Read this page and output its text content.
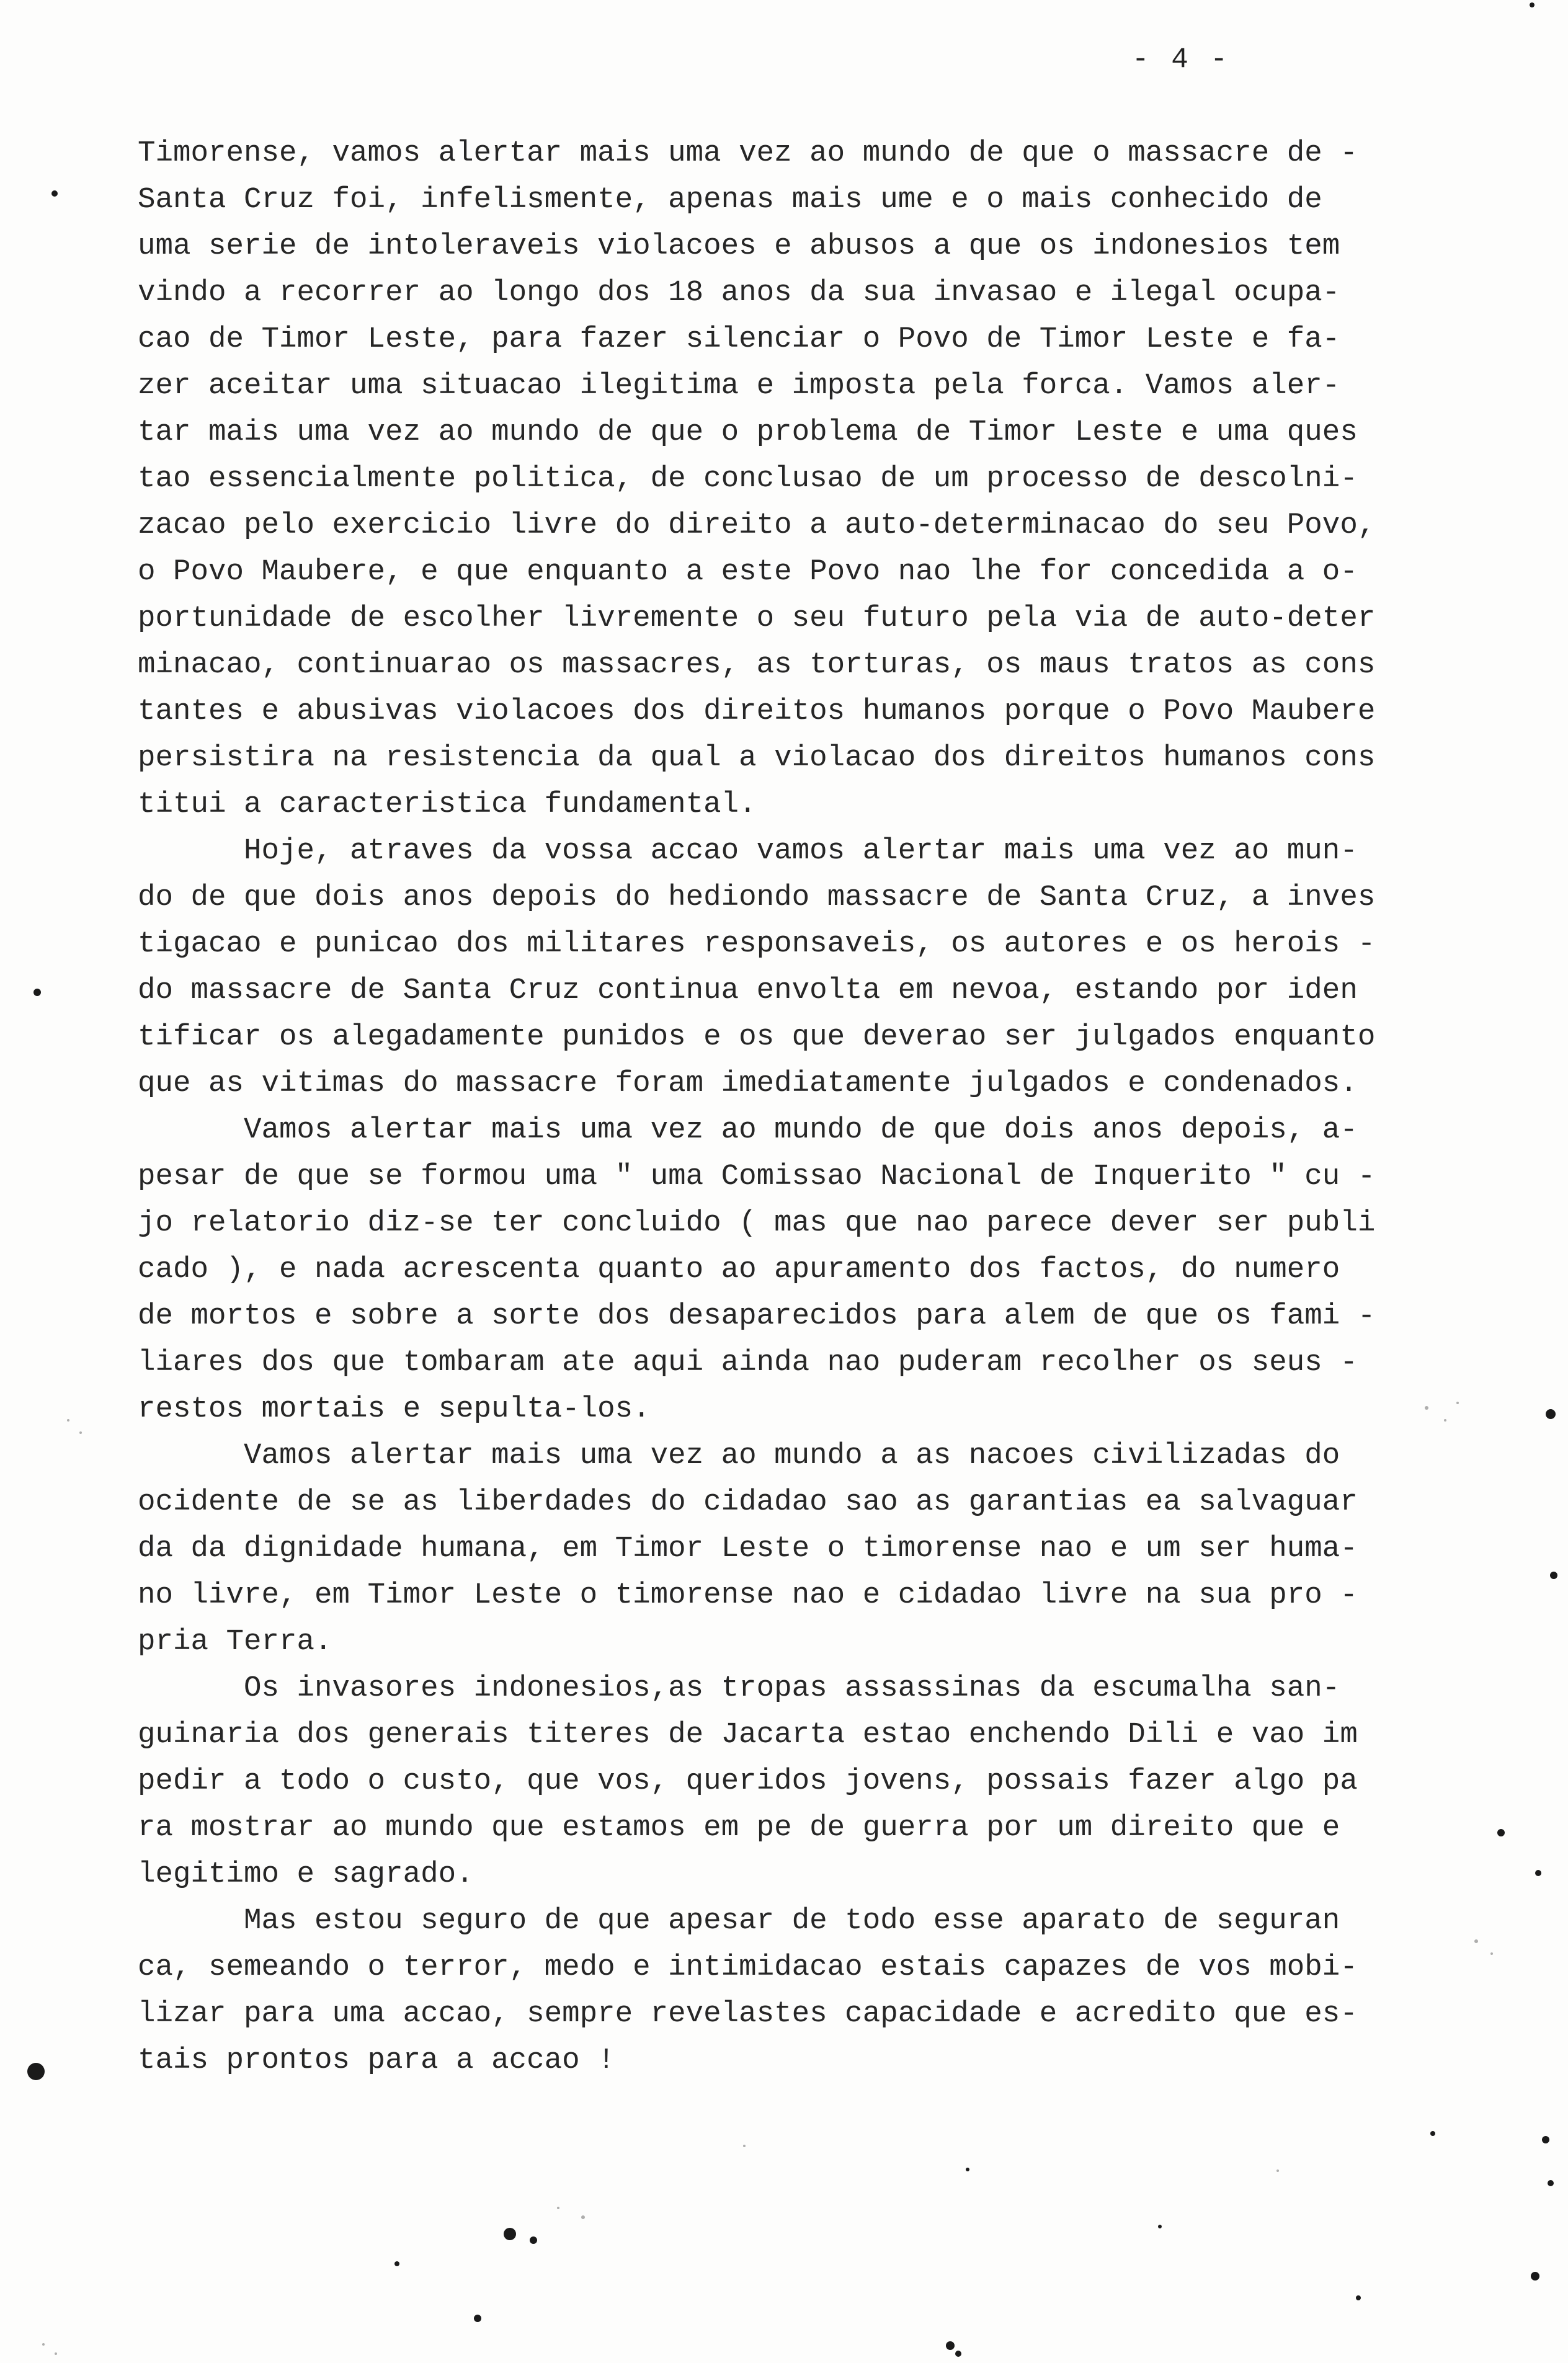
- 4 -
Timorense, vamos alertar mais uma vez ao mundo de que o massacre de -
Santa Cruz foi, infelismente, apenas mais ume e o mais conhecido de
uma serie de intoleraveis violacoes e abusos a que os indonesios tem
vindo a recorrer ao longo dos 18 anos da sua invasao e ilegal ocupa-
cao de Timor Leste, para fazer silenciar o Povo de Timor Leste e fa-
zer aceitar uma situacao ilegitima e imposta pela forca. Vamos aler-
tar mais uma vez ao mundo de que o problema de Timor Leste e uma ques
tao essencialmente politica, de conclusao de um processo de descolni-
zacao pelo exercicio livre do direito a auto-determinacao do seu Povo,
o Povo Maubere, e que enquanto a este Povo nao lhe for concedida a o-
portunidade de escolher livremente o seu futuro pela via de auto-deter
minacao, continuarao os massacres, as torturas, os maus tratos as cons
tantes e abusivas violacoes dos direitos humanos porque o Povo Maubere
persistira na resistencia da qual a violacao dos direitos humanos cons
titui a caracteristica fundamental.
Hoje, atraves da vossa accao vamos alertar mais uma vez ao mun-
do de que dois anos depois do hediondo massacre de Santa Cruz, a inves
tigacao e punicao dos militares responsaveis, os autores e os herois -
do massacre de Santa Cruz continua envolta em nevoa, estando por iden
tificar os alegadamente punidos e os que deverao ser julgados enquanto
que as vitimas do massacre foram imediatamente julgados e condenados.
Vamos alertar mais uma vez ao mundo de que dois anos depois, a-
pesar de que se formou uma " uma Comissao Nacional de Inquerito " cu -
jo relatorio diz-se ter concluido ( mas que nao parece dever ser publi
cado ), e nada acrescenta quanto ao apuramento dos factos, do numero
de mortos e sobre a sorte dos desaparecidos para alem de que os fami -
liares dos que tombaram ate aqui ainda nao puderam recolher os seus -
restos mortais e sepulta-los.
Vamos alertar mais uma vez ao mundo a as nacoes civilizadas do
ocidente de se as liberdades do cidadao sao as garantias ea salvaguar
da da dignidade humana, em Timor Leste o timorense nao e um ser huma-
no livre, em Timor Leste o timorense nao e cidadao livre na sua pro -
pria Terra.
Os invasores indonesios,as tropas assassinas da escumalha san-
guinaria dos generais titeres de Jacarta estao enchendo Dili e vao im
pedir a todo o custo, que vos, queridos jovens, possais fazer algo pa
ra mostrar ao mundo que estamos em pe de guerra por um direito que e
legitimo e sagrado.
Mas estou seguro de que apesar de todo esse aparato de seguran
ca, semeando o terror, medo e intimidacao estais capazes de vos mobi-
lizar para uma accao, sempre revelastes capacidade e acredito que es-
tais prontos para a accao !
